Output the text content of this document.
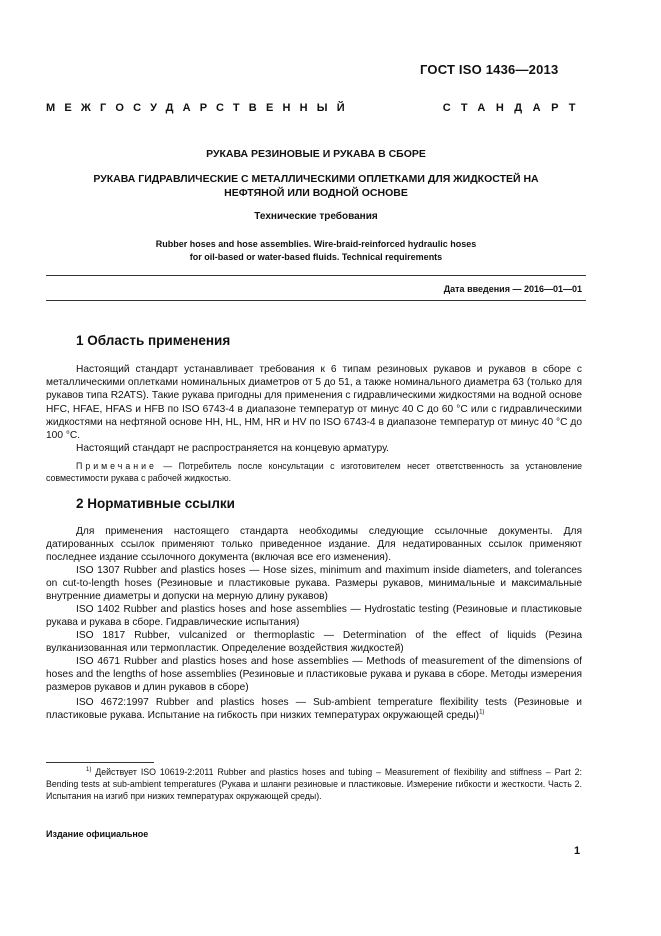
ГОСТ ISO 1436—2013
МЕЖГОСУДАРСТВЕННЫЙ	СТАНДАРТ
РУКАВА РЕЗИНОВЫЕ И РУКАВА В СБОРЕ
РУКАВА ГИДРАВЛИЧЕСКИЕ С МЕТАЛЛИЧЕСКИМИ ОПЛЕТКАМИ ДЛЯ ЖИДКОСТЕЙ НА
НЕФТЯНОЙ ИЛИ ВОДНОЙ ОСНОВЕ
Технические требования
Rubber hoses and hose assemblies. Wire-braid-reinforced hydraulic hoses
for oil-based or water-based fluids. Technical requirements
Дата введения — 2016—01—01
1 Область применения
Настоящий стандарт устанавливает требования к 6 типам резиновых рукавов и рукавов в сборе с металлическими оплетками номинальных диаметров от 5 до 51, а также номинального диаметра 63 (только для рукавов типа R2ATS). Такие рукава пригодны для применения с гидравлическими жидкостями на водной основе HFC, HFAE, HFAS и HFB по ISO 6743-4 в диапазоне температур от минус 40 С до 60 °С или с гидравлическими жидкостями на нефтяной основе HH, HL, HM, HR и HV по ISO 6743-4 в диапазоне температур от минус 40 °С до 100 °С.
Настоящий стандарт не распространяется на концевую арматуру.
Примечание — Потребитель после консультации с изготовителем несет ответственность за установление совместимости рукава с рабочей жидкостью.
2 Нормативные ссылки
Для применения настоящего стандарта необходимы следующие ссылочные документы. Для датированных ссылок применяют только приведенное издание. Для недатированных ссылок применяют последнее издание ссылочного документа (включая все его изменения).
ISO 1307 Rubber and plastics hoses — Hose sizes, minimum and maximum inside diameters, and tolerances on cut-to-length hoses (Резиновые и пластиковые рукава. Размеры рукавов, минимальные и максимальные внутренние диаметры и допуски на мерную длину рукавов)
ISO 1402 Rubber and plastics hoses and hose assemblies — Hydrostatic testing (Резиновые и пластиковые рукава и рукава в сборе. Гидравлические испытания)
ISO 1817 Rubber, vulcanized or thermoplastic — Determination of the effect of liquids (Резина вулканизованная или термопластик. Определение воздействия жидкостей)
ISO 4671 Rubber and plastics hoses and hose assemblies — Methods of measurement of the dimensions of hoses and the lengths of hose assemblies (Резиновые и пластиковые рукава и рукава в сборе. Методы измерения размеров рукавов и длин рукавов в сборе)
ISO 4672:1997 Rubber and plastics hoses — Sub-ambient temperature flexibility tests (Резиновые и пластиковые рукава. Испытание на гибкость при низких температурах окружающей среды)$^{1)}$
$^{1)}$ Действует ISO 10619-2:2011 Rubber and plastics hoses and tubing – Measurement of flexibility and stiffness – Part 2: Bending tests at sub-ambient temperatures (Рукава и шланги резиновые и пластиковые. Измерение гибкости и жесткости. Часть 2. Испытания на изгиб при низких температурах окружающей среды).
Издание официальное
1
